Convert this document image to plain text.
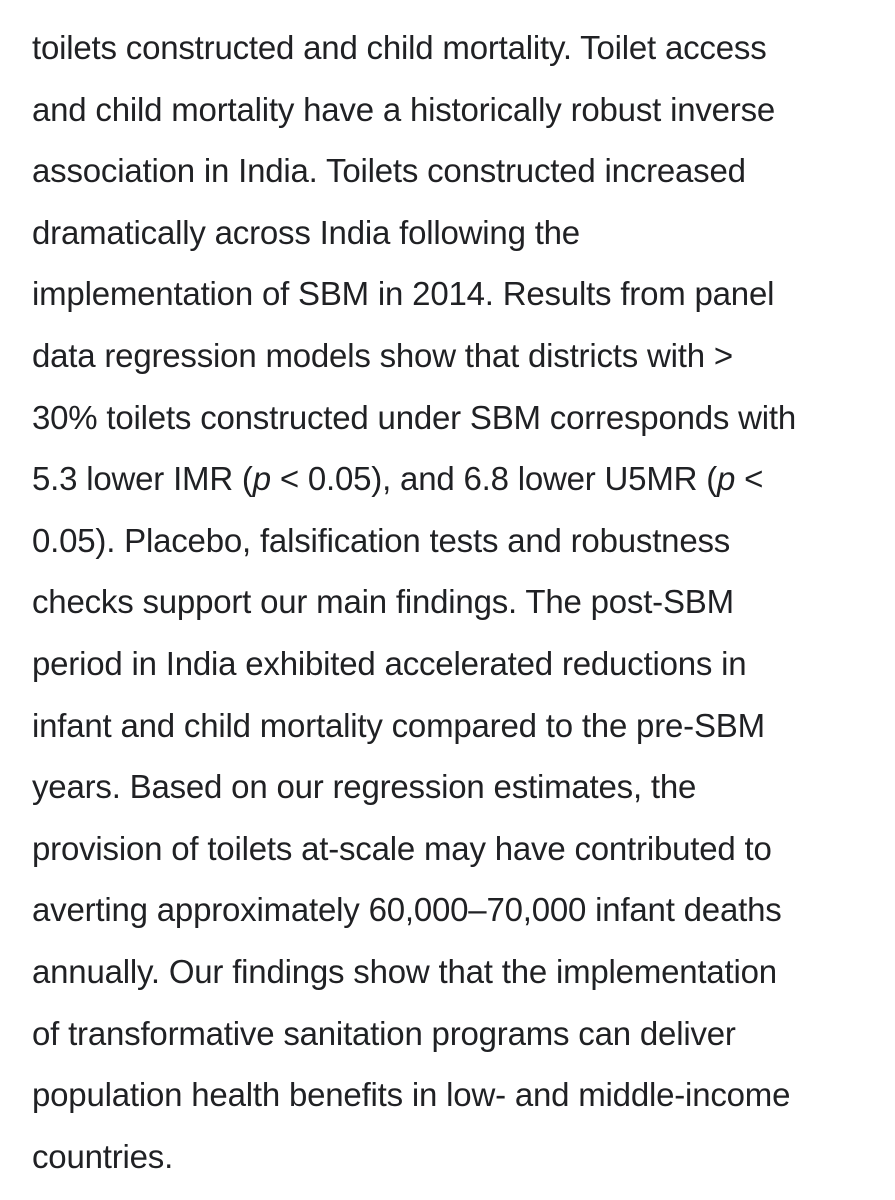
toilets constructed and child mortality. Toilet access
and child mortality have a historically robust inverse
association in India. Toilets constructed increased
dramatically across India following the
implementation of SBM in 2014. Results from panel
data regression models show that districts with >
30% toilets constructed under SBM corresponds with
5.3 lower IMR (p < 0.05), and 6.8 lower U5MR (p <
0.05). Placebo, falsification tests and robustness
checks support our main findings. The post-SBM
period in India exhibited accelerated reductions in
infant and child mortality compared to the pre-SBM
years. Based on our regression estimates, the
provision of toilets at-scale may have contributed to
averting approximately 60,000–70,000 infant deaths
annually. Our findings show that the implementation
of transformative sanitation programs can deliver
population health benefits in low- and middle-income
countries.
